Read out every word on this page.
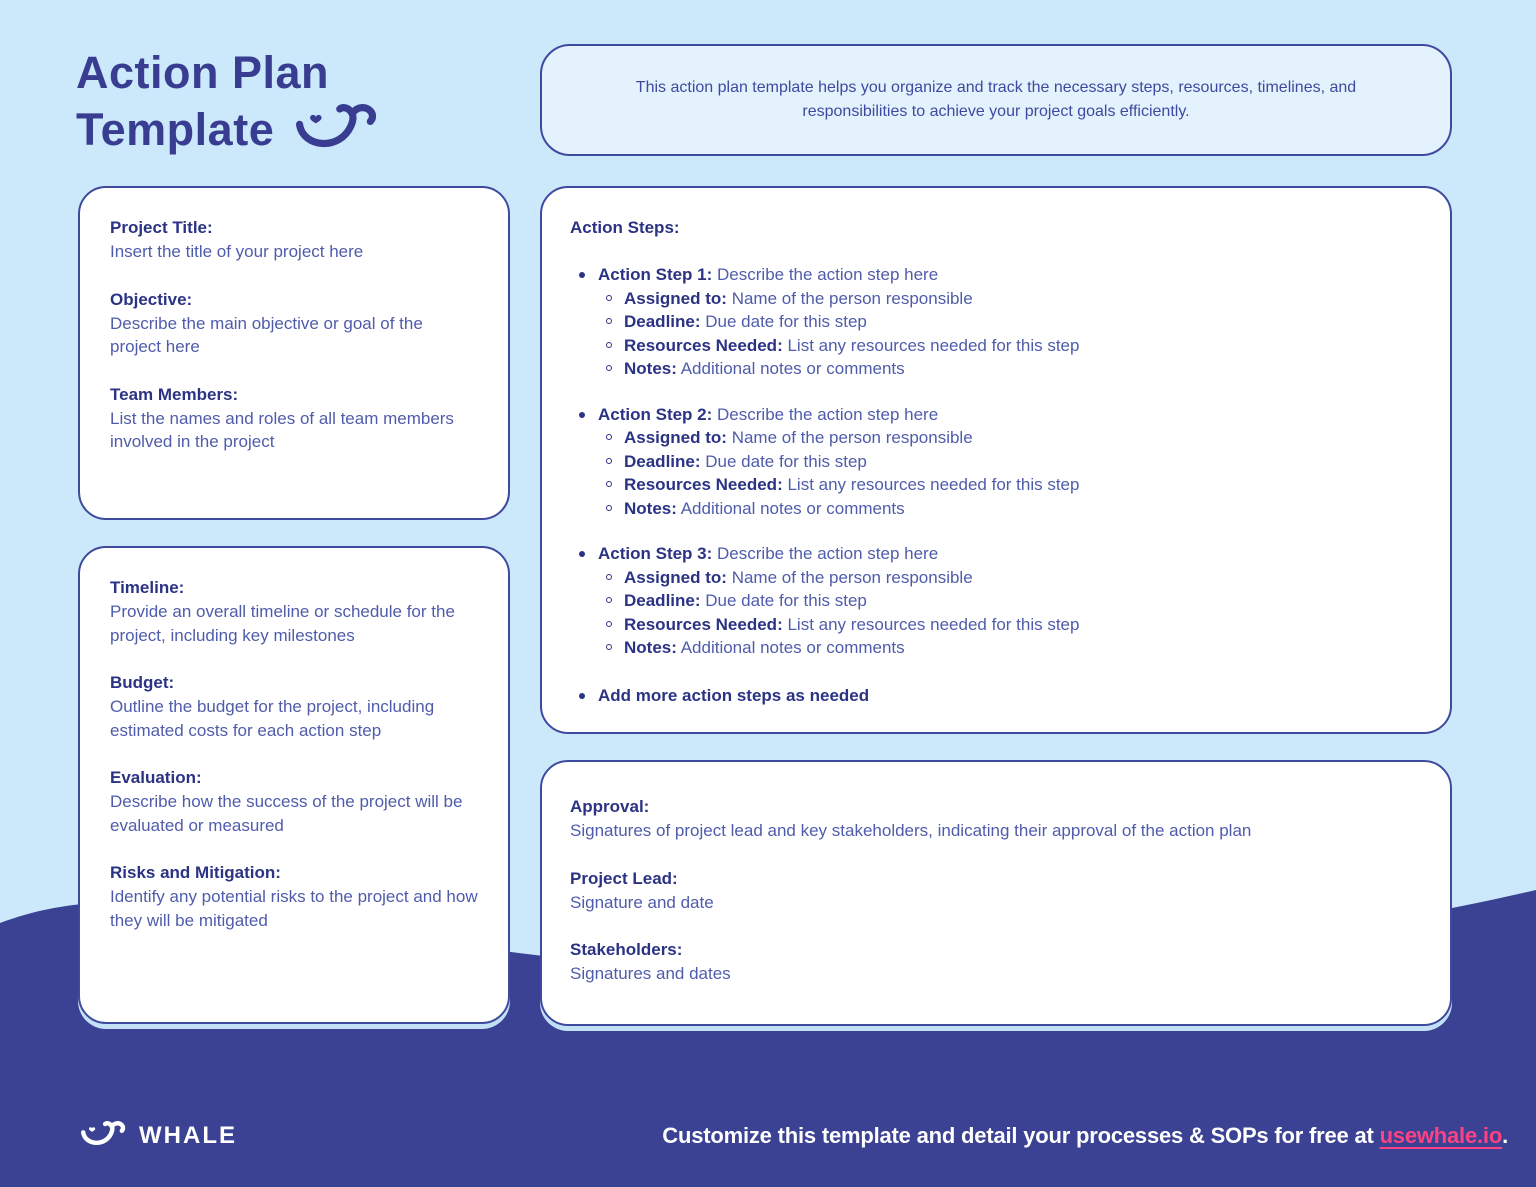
Action Plan
Template

This action plan template helps you organize and track the necessary steps, resources, timelines, and responsibilities to achieve your project goals efficiently.

Project Title:
Insert the title of your project here
Objective:
Describe the main objective or goal of the project here
Team Members:
List the names and roles of all team members involved in the project
Timeline:
Provide an overall timeline or schedule for the project, including key milestones
Budget:
Outline the budget for the project, including estimated costs for each action step
Evaluation:
Describe how the success of the project will be evaluated or measured
Risks and Mitigation:
Identify any potential risks to the project and how they will be mitigated
Action Steps:
Action Step 1: Describe the action step here
Assigned to: Name of the person responsible
Deadline: Due date for this step
Resources Needed: List any resources needed for this step
Notes: Additional notes or comments
Action Step 2: Describe the action step here
Assigned to: Name of the person responsible
Deadline: Due date for this step
Resources Needed: List any resources needed for this step
Notes: Additional notes or comments
Action Step 3: Describe the action step here
Assigned to: Name of the person responsible
Deadline: Due date for this step
Resources Needed: List any resources needed for this step
Notes: Additional notes or comments
Add more action steps as needed
Approval:
Signatures of project lead and key stakeholders, indicating their approval of the action plan
Project Lead:
Signature and date
Stakeholders:
Signatures and dates
WHALE	Customize this template and detail your processes & SOPs for free at usewhale.io.
